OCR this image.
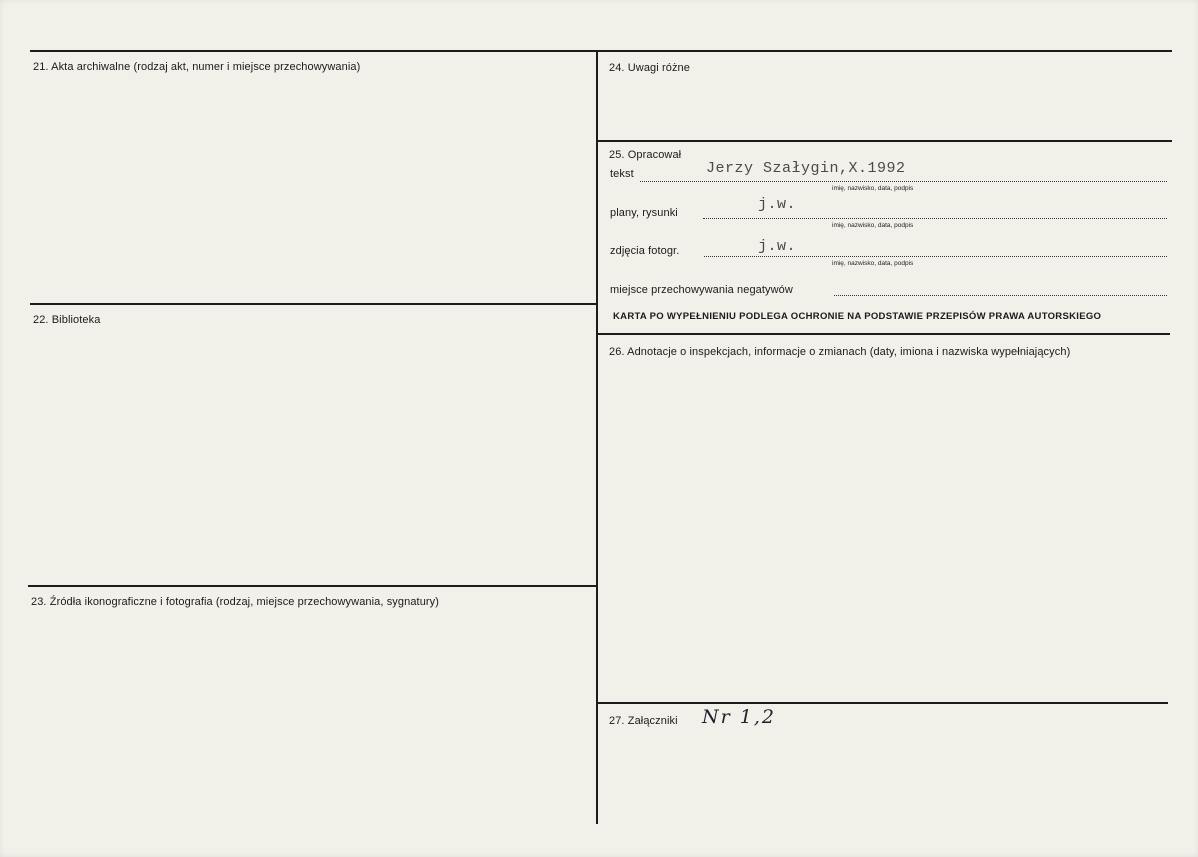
21. Akta archiwalne (rodzaj akt, numer i miejsce przechowywania)
22. Biblioteka
23. Źródła ikonograficzne i fotografia (rodzaj, miejsce przechowywania, sygnatury)
24. Uwagi różne
25. Opracował
tekst	Jerzy Szałygin,X.1992
imię, nazwisko, data, podpis
plany, rysunki	j.w.
imię, nazwisko, data, podpis
zdjęcia fotogr.	j.w.
imię, nazwisko, data, podpis
miejsce przechowywania negatywów
KARTA PO WYPEŁNIENIU PODLEGA OCHRONIE NA PODSTAWIE PRZEPISÓW PRAWA AUTORSKIEGO
26. Adnotacje o inspekcjach, informacje o zmianach (daty, imiona i nazwiska wypełniających)
27. Załączniki Nr 1,2
